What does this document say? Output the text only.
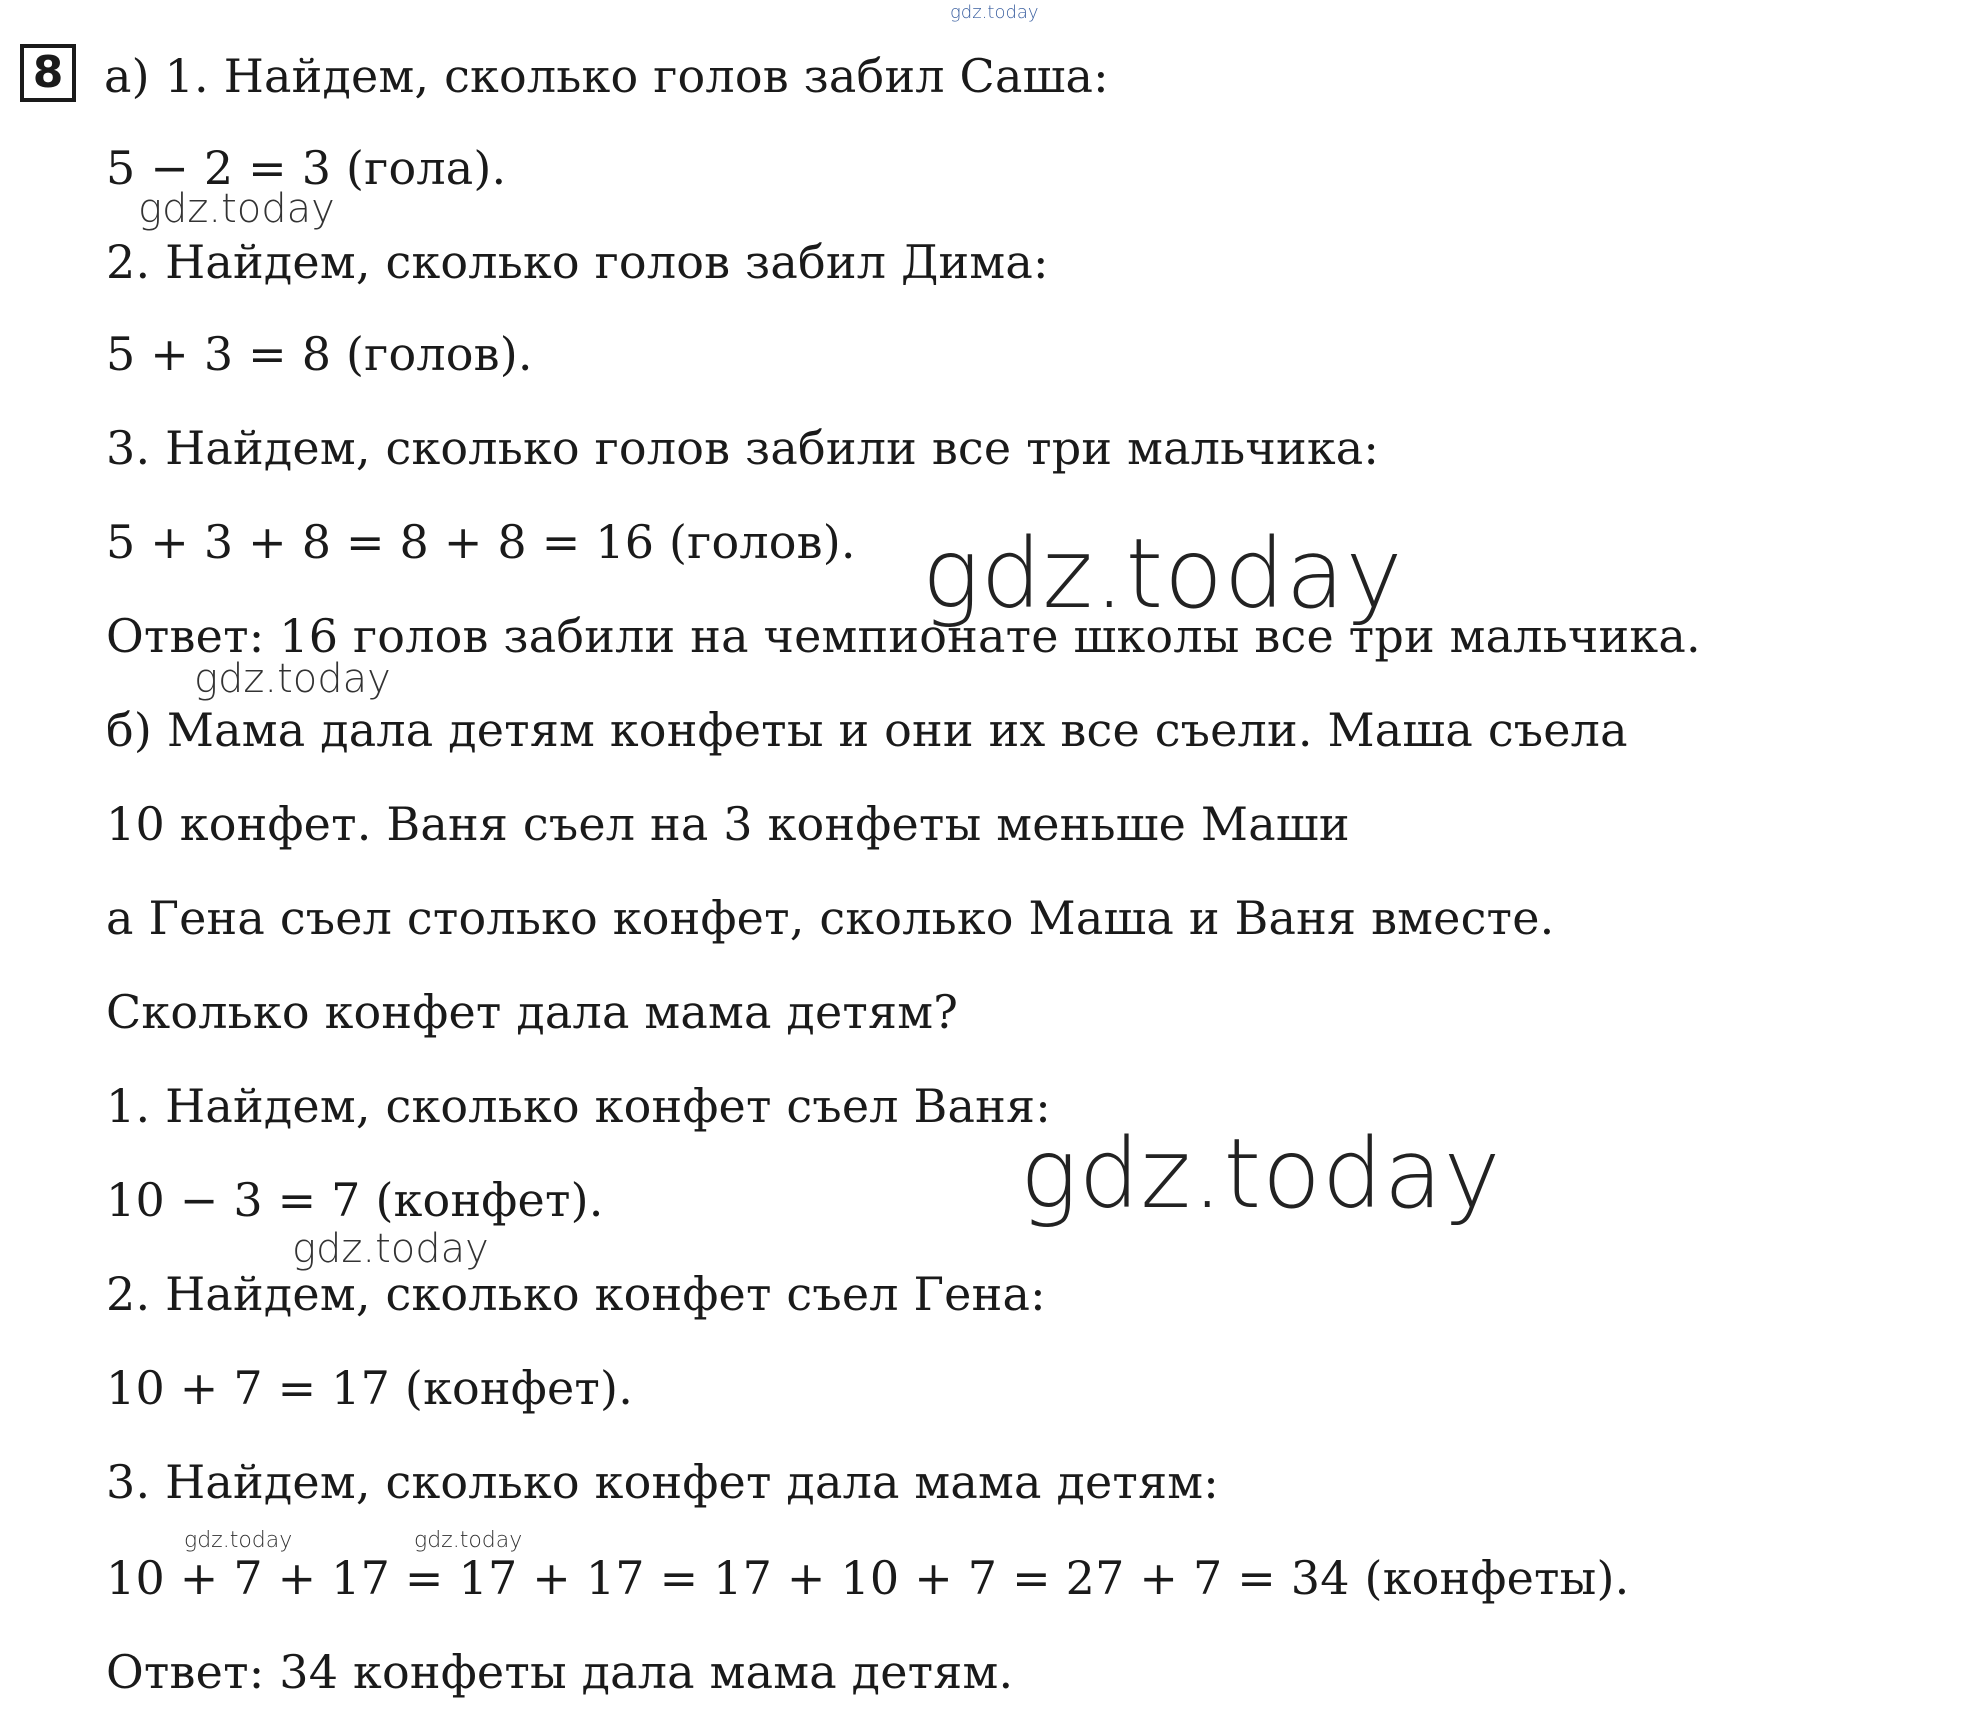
gdz.today
8 а) 1. Найдем, сколько голов забил Саша:
5 − 2 = 3 (гола).
gdz.today
2. Найдем, сколько голов забил Дима:
5 + 3 = 8 (голов).
3. Найдем, сколько голов забили все три мальчика:
5 + 3 + 8 = 8 + 8 = 16 (голов). gdz.today
Ответ: 16 голов забили на чемпионате школы все три мальчика.
gdz.today
б) Мама дала детям конфеты и они их все съели. Маша съела
10 конфет. Ваня съел на 3 конфеты меньше Маши
а Гена съел столько конфет, сколько Маша и Ваня вместе.
Сколько конфет дала мама детям?
1. Найдем, сколько конфет съел Ваня:
gdz.today
10 − 3 = 7 (конфет).
gdz.today
2. Найдем, сколько конфет съел Гена:
10 + 7 = 17 (конфет).
3. Найдем, сколько конфет дала мама детям:
gdz.today	gdz.today
10 + 7 + 17 = 17 + 17 = 17 + 10 + 7 = 27 + 7 = 34 (конфеты).
Ответ: 34 конфеты дала мама детям.
